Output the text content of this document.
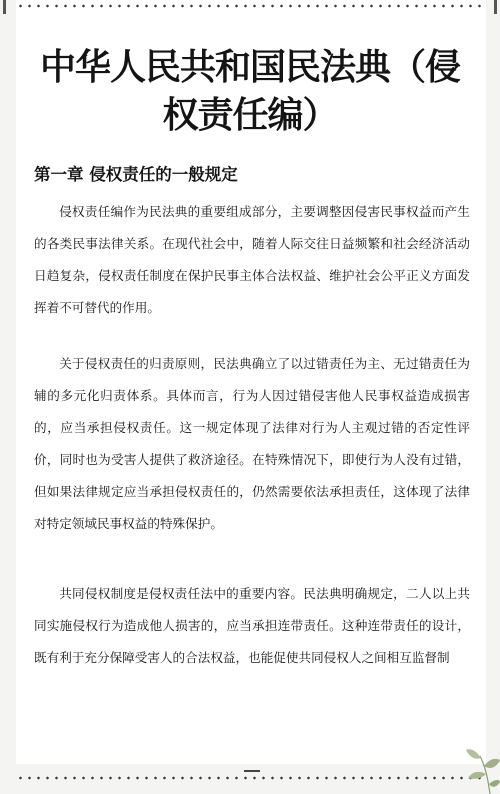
中华人民共和国民法典（侵权责任编）
第一章 侵权责任的一般规定

侵权责任编作为民法典的重要组成部分，主要调整因侵害民事权益而产生的各类民事法律关系。在现代社会中，随着人际交往日益频繁和社会经济活动日趋复杂，侵权责任制度在保护民事主体合法权益、维护社会公平正义方面发挥着不可替代的作用。

关于侵权责任的归责原则，民法典确立了以过错责任为主、无过错责任为辅的多元化归责体系。具体而言，行为人因过错侵害他人民事权益造成损害的，应当承担侵权责任。这一规定体现了法律对行为人主观过错的否定性评价，同时也为受害人提供了救济途径。在特殊情况下，即使行为人没有过错，但如果法律规定应当承担侵权责任的，仍然需要依法承担责任，这体现了法律对特定领域民事权益的特殊保护。

共同侵权制度是侵权责任法中的重要内容。民法典明确规定，二人以上共同实施侵权行为造成他人损害的，应当承担连带责任。这种连带责任的设计，既有利于充分保障受害人的合法权益，也能促使共同侵权人之间相互监督制
